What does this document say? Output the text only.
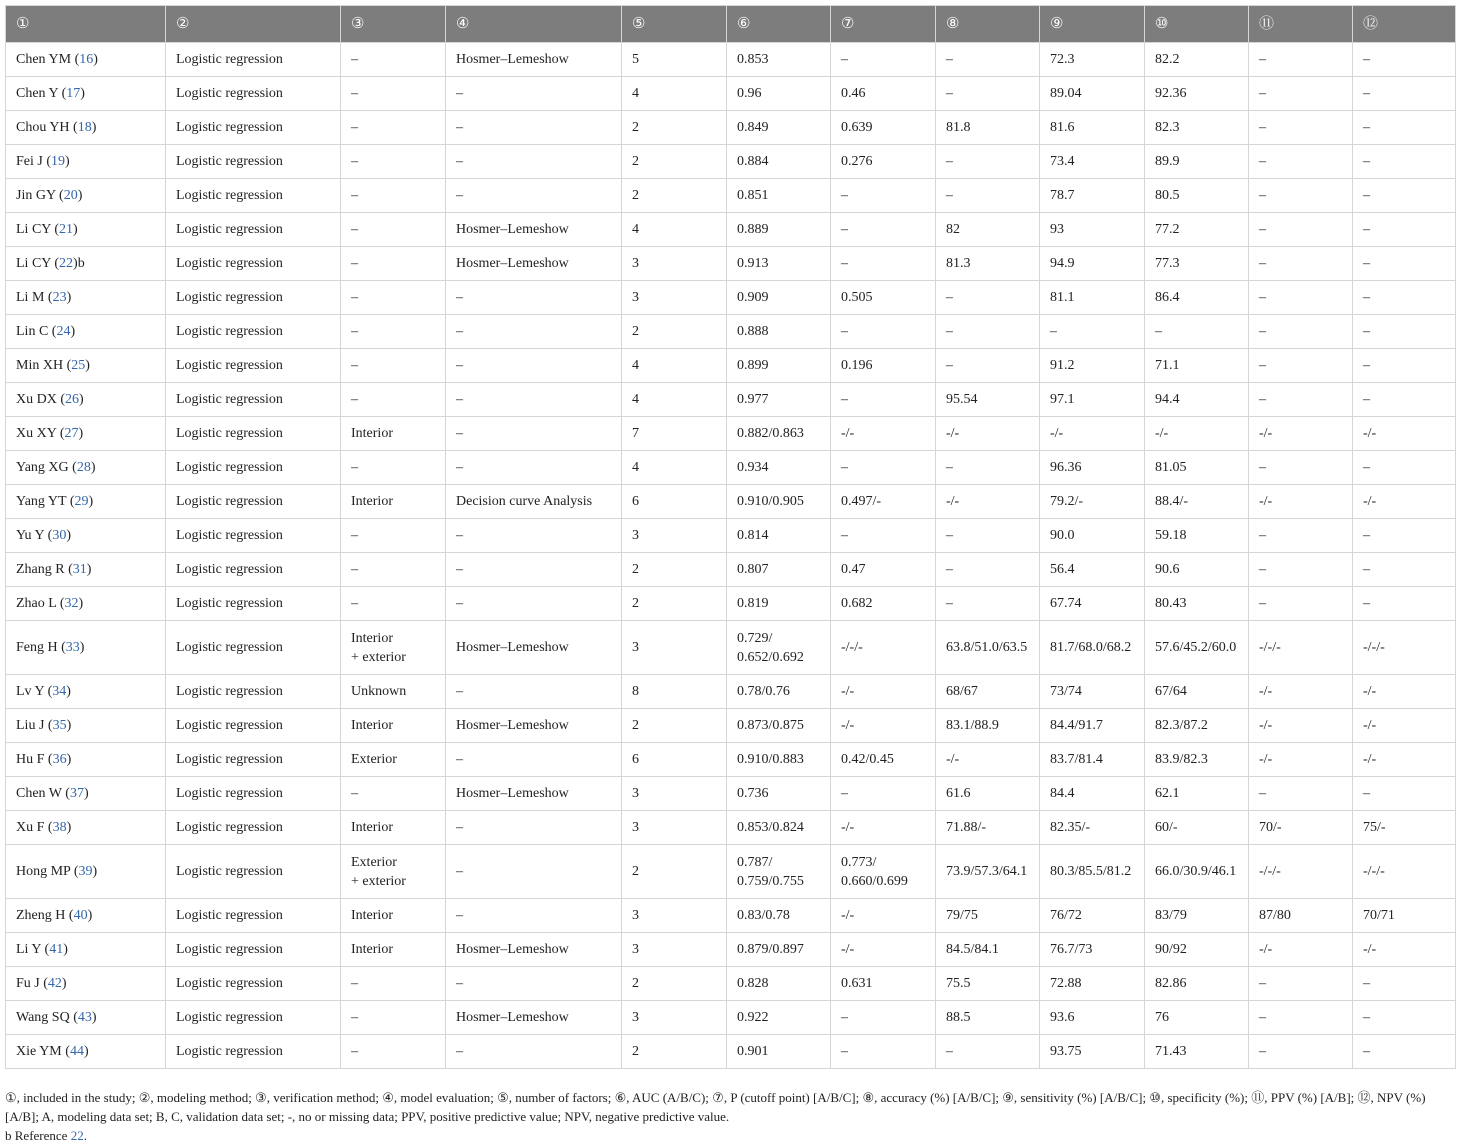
①	②	③	④	⑤	⑥	⑦	⑧	⑨	⑩	⑪	⑫
Chen YM (16)	Logistic regression	–	Hosmer–Lemeshow	5	0.853	–	–	72.3	82.2	–	–
Chen Y (17)	Logistic regression	–	–	4	0.96	0.46	–	89.04	92.36	–	–
Chou YH (18)	Logistic regression	–	–	2	0.849	0.639	81.8	81.6	82.3	–	–
Fei J (19)	Logistic regression	–	–	2	0.884	0.276	–	73.4	89.9	–	–
Jin GY (20)	Logistic regression	–	–	2	0.851	–	–	78.7	80.5	–	–
Li CY (21)	Logistic regression	–	Hosmer–Lemeshow	4	0.889	–	82	93	77.2	–	–
Li CY (22)b	Logistic regression	–	Hosmer–Lemeshow	3	0.913	–	81.3	94.9	77.3	–	–
Li M (23)	Logistic regression	–	–	3	0.909	0.505	–	81.1	86.4	–	–
Lin C (24)	Logistic regression	–	–	2	0.888	–	–	–	–	–	–
Min XH (25)	Logistic regression	–	–	4	0.899	0.196	–	91.2	71.1	–	–
Xu DX (26)	Logistic regression	–	–	4	0.977	–	95.54	97.1	94.4	–	–
Xu XY (27)	Logistic regression	Interior	–	7	0.882/0.863	-/-	-/-	-/-	-/-	-/-	-/-
Yang XG (28)	Logistic regression	–	–	4	0.934	–	–	96.36	81.05	–	–
Yang YT (29)	Logistic regression	Interior	Decision curve Analysis	6	0.910/0.905	0.497/-	-/-	79.2/-	88.4/-	-/-	-/-
Yu Y (30)	Logistic regression	–	–	3	0.814	–	–	90.0	59.18	–	–
Zhang R (31)	Logistic regression	–	–	2	0.807	0.47	–	56.4	90.6	–	–
Zhao L (32)	Logistic regression	–	–	2	0.819	0.682	–	67.74	80.43	–	–
Feng H (33)	Logistic regression	Interior
+ exterior	Hosmer–Lemeshow	3	0.729/
0.652/0.692	-/-/-	63.8/51.0/63.5	81.7/68.0/68.2	57.6/45.2/60.0	-/-/-	-/-/-
Lv Y (34)	Logistic regression	Unknown	–	8	0.78/0.76	-/-	68/67	73/74	67/64	-/-	-/-
Liu J (35)	Logistic regression	Interior	Hosmer–Lemeshow	2	0.873/0.875	-/-	83.1/88.9	84.4/91.7	82.3/87.2	-/-	-/-
Hu F (36)	Logistic regression	Exterior	–	6	0.910/0.883	0.42/0.45	-/-	83.7/81.4	83.9/82.3	-/-	-/-
Chen W (37)	Logistic regression	–	Hosmer–Lemeshow	3	0.736	–	61.6	84.4	62.1	–	–
Xu F (38)	Logistic regression	Interior	–	3	0.853/0.824	-/-	71.88/-	82.35/-	60/-	70/-	75/-
Hong MP (39)	Logistic regression	Exterior
+ exterior	–	2	0.787/
0.759/0.755	0.773/
0.660/0.699	73.9/57.3/64.1	80.3/85.5/81.2	66.0/30.9/46.1	-/-/-	-/-/-
Zheng H (40)	Logistic regression	Interior	–	3	0.83/0.78	-/-	79/75	76/72	83/79	87/80	70/71
Li Y (41)	Logistic regression	Interior	Hosmer–Lemeshow	3	0.879/0.897	-/-	84.5/84.1	76.7/73	90/92	-/-	-/-
Fu J (42)	Logistic regression	–	–	2	0.828	0.631	75.5	72.88	82.86	–	–
Wang SQ (43)	Logistic regression	–	Hosmer–Lemeshow	3	0.922	–	88.5	93.6	76	–	–
Xie YM (44)	Logistic regression	–	–	2	0.901	–	–	93.75	71.43	–	–

①, included in the study; ②, modeling method; ③, verification method; ④, model evaluation; ⑤, number of factors; ⑥, AUC (A/B/C); ⑦, P (cutoff point) [A/B/C]; ⑧, accuracy (%) [A/B/C]; ⑨, sensitivity (%) [A/B/C]; ⑩, specificity (%); ⑪, PPV (%) [A/B]; ⑫, NPV (%) [A/B]; A, modeling data set; B, C, validation data set; -, no or missing data; PPV, positive predictive value; NPV, negative predictive value.

b Reference 22.
